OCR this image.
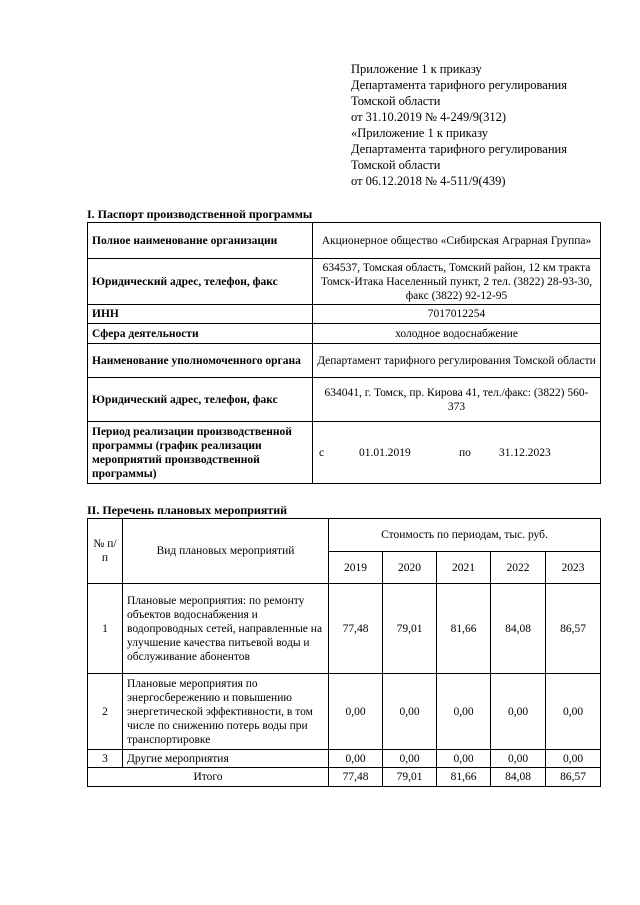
Приложение 1 к приказу
Департамента тарифного регулирования
Томской области
от 31.10.2019 № 4-249/9(312)
«Приложение 1 к приказу
Департамента тарифного регулирования
Томской области
от 06.12.2018 № 4-511/9(439)
I. Паспорт производственной программы
Полное наименование организации	Акционерное общество «Сибирская Аграрная Группа»
Юридический адрес, телефон, факс	634537, Томская область, Томский район, 12 км тракта Томск-Итака Населенный пункт, 2 тел. (3822) 28-93-30, факс (3822) 92-12-95
ИНН	7017012254
Сфера деятельности	холодное водоснабжение
Наименование уполномоченного органа	Департамент тарифного регулирования Томской области
Юридический адрес, телефон, факс	634041, г. Томск, пр. Кирова 41, тел./факс: (3822) 560-373
Период реализации производственной программы (график реализации мероприятий производственной программы)	с 01.01.2019 по 31.12.2023
II. Перечень плановых мероприятий
№ п/п	Вид плановых мероприятий	Стоимость по периодам, тыс. руб.				
		2019	2020	2021	2022	2023
1	Плановые мероприятия: по ремонту объектов водоснабжения и водопроводных сетей, направленные на улучшение качества питьевой воды и обслуживание абонентов	77,48	79,01	81,66	84,08	86,57
2	Плановые мероприятия по энергосбережению и повышению энергетической эффективности, в том числе по снижению потерь воды при транспортировке	0,00	0,00	0,00	0,00	0,00
3	Другие мероприятия	0,00	0,00	0,00	0,00	0,00
Итого		77,48	79,01	81,66	84,08	86,57
